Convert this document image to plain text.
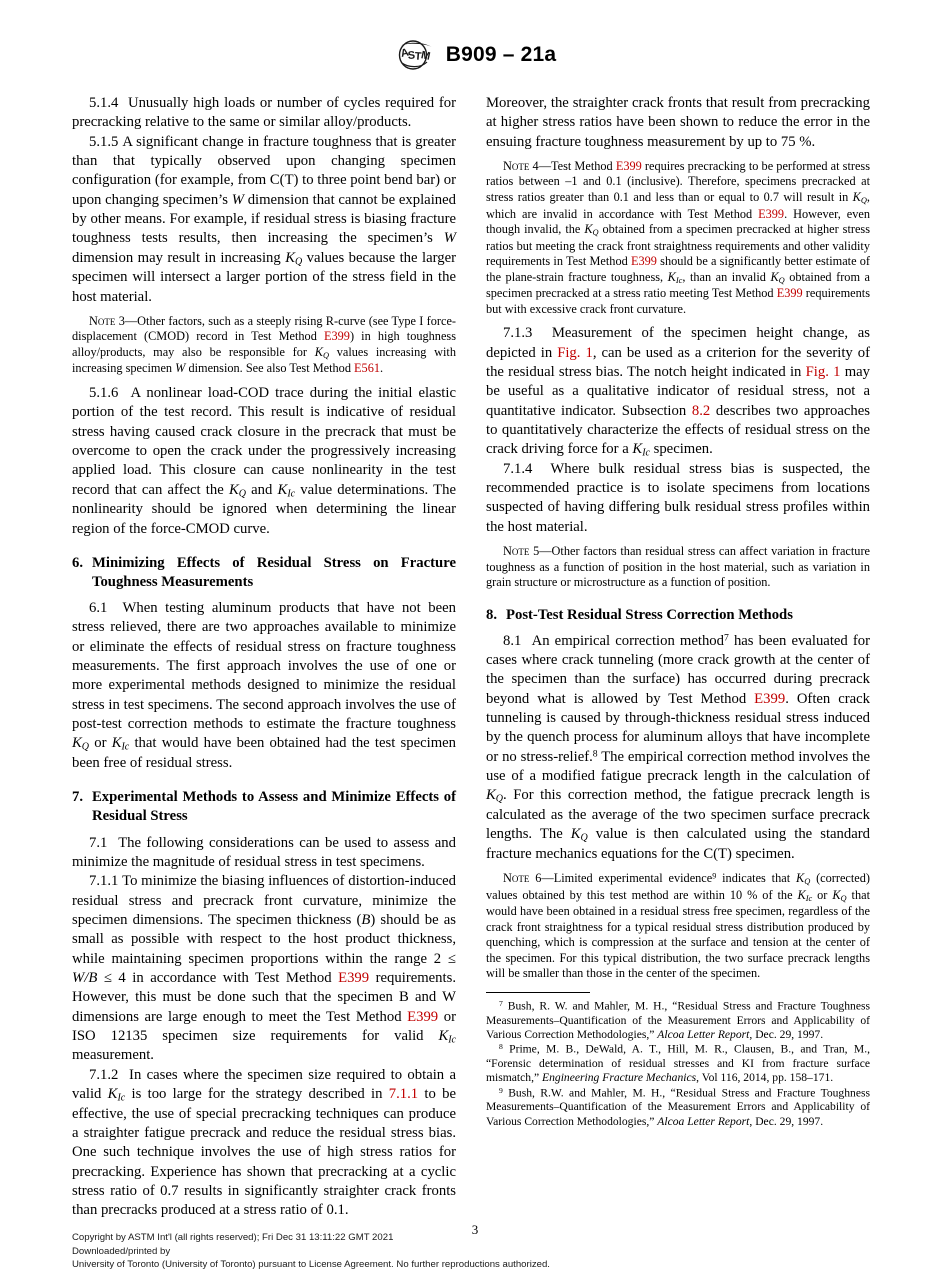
A
S
T
M B909 – 21a

5.1.4 Unusually high loads or number of cycles required for precracking relative to the same or similar alloy/products.

5.1.5 A significant change in fracture toughness that is greater than that typically observed upon changing specimen configuration (for example, from C(T) to three point bend bar) or upon changing specimen’s W dimension that cannot be explained by other means. For example, if residual stress is biasing fracture toughness tests results, then increasing the specimen’s W dimension may result in increasing $K_Q$ values because the larger specimen will intersect a larger portion of the stress field in the host material.

Note 3—Other factors, such as a steeply rising R-curve (see Type I force-displacement (CMOD) record in Test Method E399) in high toughness alloy/products, may also be responsible for $K_Q$ values increasing with increasing specimen W dimension. See also Test Method E561.

5.1.6 A nonlinear load-COD trace during the initial elastic portion of the test record. This result is indicative of residual stress having caused crack closure in the precrack that must be overcome to open the crack under the progressively increasing applied load. This closure can cause nonlinearity in the test record that can affect the $K_Q$ and $K_{Ic}$ value determinations. The nonlinearity should be ignored when determining the linear region of the force-CMOD curve.

6. Minimizing Effects of Residual Stress on Fracture Toughness Measurements

6.1 When testing aluminum products that have not been stress relieved, there are two approaches available to minimize or eliminate the effects of residual stress on fracture toughness measurements. The first approach involves the use of one or more experimental methods designed to minimize the residual stress in test specimens. The second approach involves the use of post-test correction methods to estimate the fracture toughness $K_Q$ or $K_{Ic}$ that would have been obtained had the test specimen been free of residual stress.

7. Experimental Methods to Assess and Minimize Effects of Residual Stress

7.1 The following considerations can be used to assess and minimize the magnitude of residual stress in test specimens.

7.1.1 To minimize the biasing influences of distortion-induced residual stress and precrack front curvature, minimize the specimen dimensions. The specimen thickness (B) should be as small as possible with respect to the host product thickness, while maintaining specimen proportions within the range 2 ≤ W/B ≤ 4 in accordance with Test Method E399 requirements. However, this must be done such that the specimen B and W dimensions are large enough to meet the Test Method E399 or ISO 12135 specimen size requirements for valid $K_{Ic}$ measurement.

7.1.2 In cases where the specimen size required to obtain a valid $K_{Ic}$ is too large for the strategy described in 7.1.1 to be effective, the use of special precracking techniques can produce a straighter fatigue precrack and reduce the residual stress bias. One such technique involves the use of high stress ratios for precracking. Experience has shown that precracking at a cyclic stress ratio of 0.7 results in significantly straighter crack fronts than precracks produced at a stress ratio of 0.1.

Moreover, the straighter crack fronts that result from precracking at higher stress ratios have been shown to reduce the error in the ensuing fracture toughness measurement by up to 75 %.

Note 4—Test Method E399 requires precracking to be performed at stress ratios between –1 and 0.1 (inclusive). Therefore, specimens precracked at stress ratios greater than 0.1 and less than or equal to 0.7 will result in $K_Q$, which are invalid in accordance with Test Method E399. However, even though invalid, the $K_Q$ obtained from a specimen precracked at higher stress ratios but meeting the crack front straightness requirements and other validity requirements in Test Method E399 should be a significantly better estimate of the plane-strain fracture toughness, $K_{Ic}$, than an invalid $K_Q$ obtained from a specimen precracked at a stress ratio meeting Test Method E399 requirements but with excessive crack front curvature.

7.1.3 Measurement of the specimen height change, as depicted in Fig. 1, can be used as a criterion for the severity of the residual stress bias. The notch height indicated in Fig. 1 may be useful as a qualitative indicator of residual stress, not a quantitative indicator. Subsection 8.2 describes two approaches to quantitatively characterize the effects of residual stress on the crack driving force for a $K_{Ic}$ specimen.

7.1.4 Where bulk residual stress bias is suspected, the recommended practice is to isolate specimens from locations suspected of having differing bulk residual stress profiles within the host material.

Note 5—Other factors than residual stress can affect variation in fracture toughness as a function of position in the host material, such as variation in grain structure or microstructure as a function of position.
8. Post-Test Residual Stress Correction Methods

8.1 An empirical correction method$^7$ has been evaluated for cases where crack tunneling (more crack growth at the center of the specimen than the surface) has occurred during precrack beyond what is allowed by Test Method E399. Often crack tunneling is caused by through-thickness residual stress induced by the quench process for aluminum alloys that have incomplete or no stress-relief.$^8$ The empirical correction method involves the use of a modified fatigue precrack length in the calculation of $K_Q$. For this correction method, the fatigue precrack length is calculated as the average of the two specimen surface precrack lengths. The $K_Q$ value is then calculated using the standard fracture mechanics equations for the C(T) specimen.

Note 6—Limited experimental evidence$^9$ indicates that $K_Q$ (corrected) values obtained by this test method are within 10 % of the $K_{Ic}$ or $K_Q$ that would have been obtained in a residual stress free specimen, regardless of the crack front straightness for a typical residual stress distribution produced by quenching, which is compression at the surface and tension at the center of the specimen. For this typical distribution, the two surface precrack lengths will be smaller than those in the center of the specimen.

$^7$ Bush, R. W. and Mahler, M. H., “Residual Stress and Fracture Toughness Measurements–Quantification of the Measurement Errors and Applicability of Various Correction Methodologies,” Alcoa Letter Report, Dec. 29, 1997.

$^8$ Prime, M. B., DeWald, A. T., Hill, M. R., Clausen, B., and Tran, M., “Forensic determination of residual stresses and KI from fracture surface mismatch,” Engineering Fracture Mechanics, Vol 116, 2014, pp. 158–171.

$^9$ Bush, R.W. and Mahler, M. H., “Residual Stress and Fracture Toughness Measurements–Quantification of the Measurement Errors and Applicability of Various Correction Methodologies,” Alcoa Letter Report, Dec. 29, 1997.

3
Copyright by ASTM Int'l (all rights reserved); Fri Dec 31 13:11:22 GMT 2021
Downloaded/printed by
University of Toronto (University of Toronto) pursuant to License Agreement. No further reproductions authorized.
